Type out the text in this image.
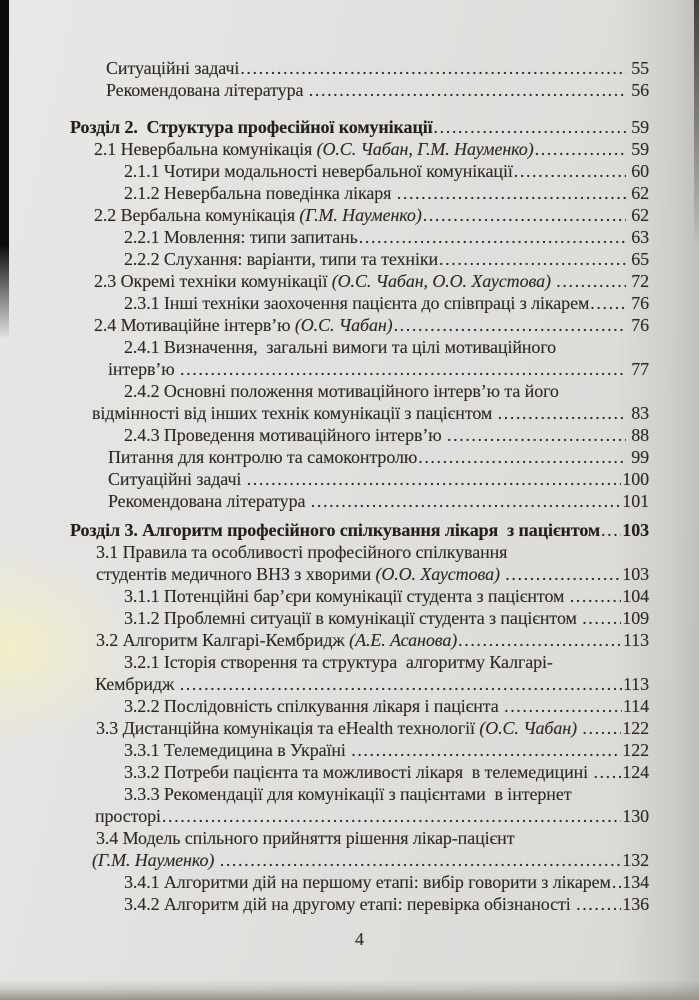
Ситуаційні задачі .....	55
Рекомендована література .....	56
Розділ 2.  Структура професійної комунікації .....	59
2.1 Невербальна комунікація (О.С. Чабан, Г.М. Науменко) .....	59
2.1.1 Чотири модальності невербальної комунікації .....	60
2.1.2 Невербальна поведінка лікаря .....	62
2.2 Вербальна комунікація (Г.М. Науменко) .....	62
2.2.1 Мовлення: типи запитань .....	63
2.2.2 Слухання: варіанти, типи та техніки .....	65
2.3 Окремі техніки комунікації (О.С. Чабан, О.О. Хаустова) .....	72
2.3.1 Інші техніки заохочення пацієнта до співпраці з лікарем ..... 76
2.4 Мотиваційне інтерв’ю (О.С. Чабан) .....	76
2.4.1 Визначення,  загальні вимоги та цілі мотиваційного
інтерв’ю .....	77
2.4.2 Основні положення мотиваційного інтерв’ю та його
відмінності від інших технік комунікації з пацієнтом .....	83
2.4.3 Проведення мотиваційного інтерв’ю .....	88
Питання для контролю та самоконтролю .....	99
Ситуаційні задачі .....	100
Рекомендована література .....	101
Розділ 3. Алгоритм професійного спілкування лікаря  з пацієнтом ..... 103
3.1 Правила та особливості професійного спілкування
студентів медичного ВНЗ з хворими (О.О. Хаустова) .....	103
3.1.1 Потенційні бар’єри комунікації студента з пацієнтом .....	104
3.1.2 Проблемні ситуації в комунікації студента з пацієнтом ..... 109
3.2 Алгоритм Калгарі-Кембридж (А.Е. Асанова) .....	113
3.2.1 Історія створення та структура  алгоритму Калгарі-
Кембридж .....	113
3.2.2 Послідовність спілкування лікаря і пацієнта .....	114
3.3 Дистанційна комунікація та eHealth технології (О.С. Чабан) .....	122
3.3.1 Телемедицина в Україні .....	122
3.3.2 Потреби пацієнта та можливості лікаря  в телемедицині ..... 124
3.3.3 Рекомендації для комунікації з пацієнтами  в інтернет
просторі .....	130
3.4 Модель спільного прийняття рішення лікар-пацієнт
(Г.М. Науменко) .....	132
3.4.1 Алгоритми дій на першому етапі: вибір говорити з лікарем ..... 134
3.4.2 Алгоритм дій на другому етапі: перевірка обізнаності .....	136
4
